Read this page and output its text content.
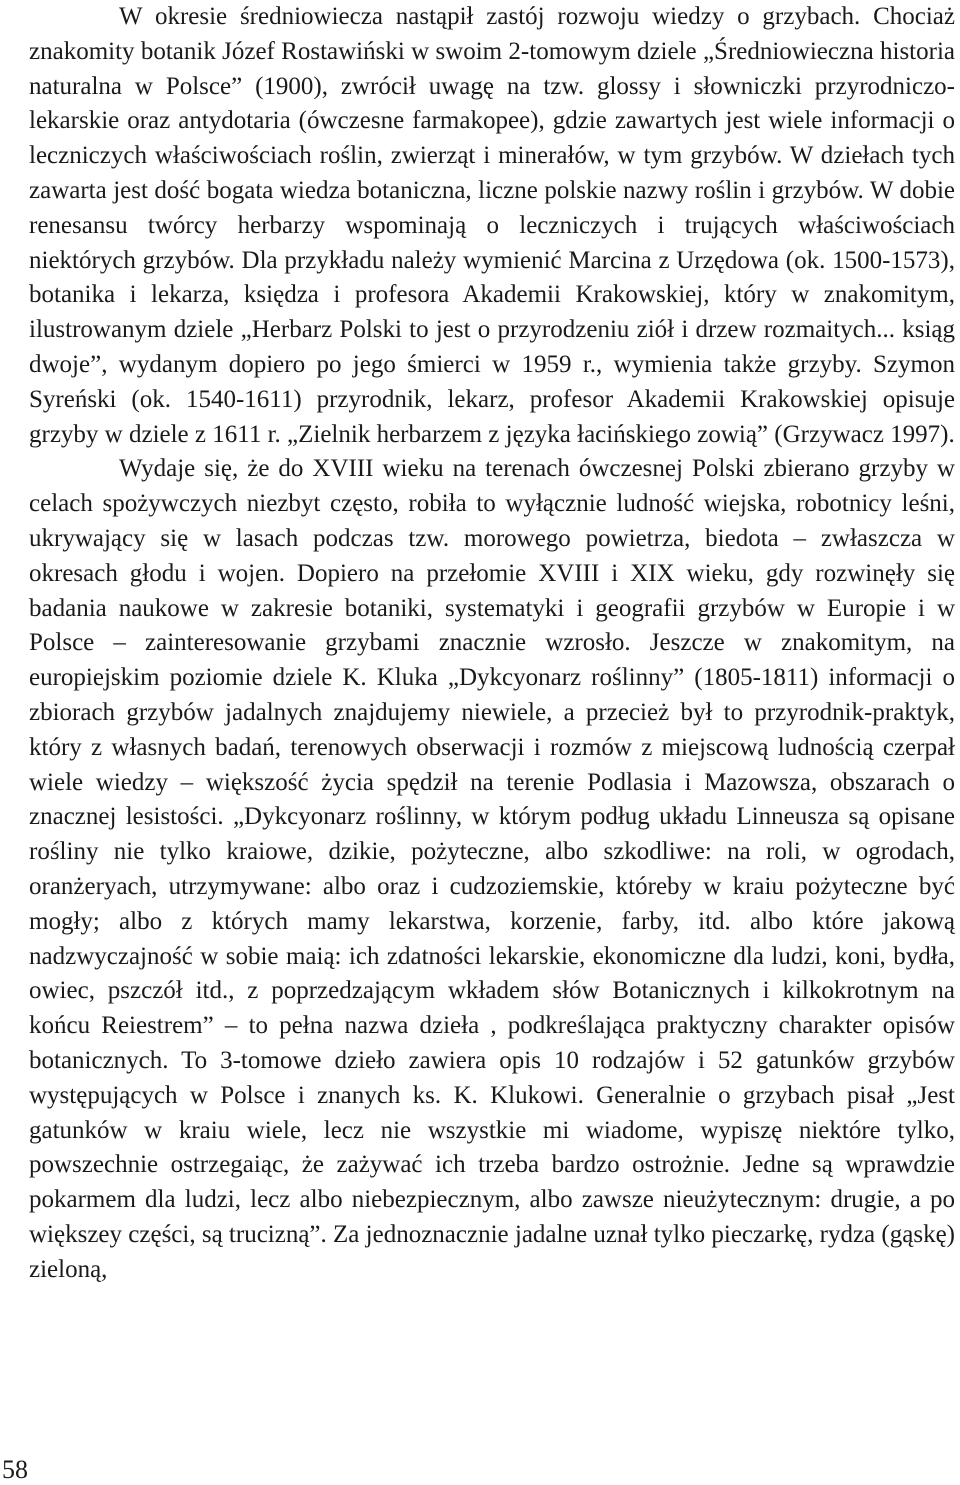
W okresie średniowiecza nastąpił zastój rozwoju wiedzy o grzybach. Chociaż znakomity botanik Józef Rostawiński w swoim 2-tomowym dziele „Średniowieczna historia naturalna w Polsce” (1900), zwrócił uwagę na tzw. glossy i słowniczki przyrodniczo-lekarskie oraz antydotaria (ówczesne farmakopee), gdzie zawartych jest wiele informacji o leczniczych właściwościach roślin, zwierząt i minerałów, w tym grzybów. W dziełach tych zawarta jest dość bogata wiedza botaniczna, liczne polskie nazwy roślin i grzybów. W dobie renesansu twórcy herbarzy wspominają o leczniczych i trujących właściwościach niektórych grzybów. Dla przykładu należy wymienić Marcina z Urzędowa (ok. 1500-1573), botanika i lekarza, księdza i profesora Akademii Krakowskiej, który w znakomitym, ilustrowanym dziele „Herbarz Polski to jest o przyrodzeniu ziół i drzew rozmaitych... ksiąg dwoje”, wydanym dopiero po jego śmierci w 1959 r., wymienia także grzyby. Szymon Syreński (ok. 1540-1611) przyrodnik, lekarz, profesor Akademii Krakowskiej opisuje grzyby w dziele z 1611 r. „Zielnik herbarzem z języka łacińskiego zowią” (Grzywacz 1997).

Wydaje się, że do XVIII wieku na terenach ówczesnej Polski zbierano grzyby w celach spożywczych niezbyt często, robiła to wyłącznie ludność wiejska, robotnicy leśni, ukrywający się w lasach podczas tzw. morowego powietrza, biedota – zwłaszcza w okresach głodu i wojen. Dopiero na przełomie XVIII i XIX wieku, gdy rozwinęły się badania naukowe w zakresie botaniki, systematyki i geografii grzybów w Europie i w Polsce – zainteresowanie grzybami znacznie wzrosło. Jeszcze w znakomitym, na europiejskim poziomie dziele K. Kluka „Dykcyonarz roślinny” (1805-1811) informacji o zbiorach grzybów jadalnych znajdujemy niewiele, a przecież był to przyrodnik-praktyk, który z własnych badań, terenowych obserwacji i rozmów z miejscową ludnością czerpał wiele wiedzy – większość życia spędził na terenie Podlasia i Mazowsza, obszarach o znacznej lesistości. „Dykcyonarz roślinny, w którym podług układu Linneusza są opisane rośliny nie tylko kraiowe, dzikie, pożyteczne, albo szkodliwe: na roli, w ogrodach, oranżeryach, utrzymywane: albo oraz i cudzoziemskie, któreby w kraiu pożyteczne być mogły; albo z których mamy lekarstwa, korzenie, farby, itd. albo które jakową nadzwyczajność w sobie maią: ich zdatności lekarskie, ekonomiczne dla ludzi, koni, bydła, owiec, pszczół itd., z poprzedzającym wkładem słów Botanicznych i kilkokrotnym na końcu Reiestrem” – to pełna nazwa dzieła , podkreślająca praktyczny charakter opisów botanicznych. To 3-tomowe dzieło zawiera opis 10 rodzajów i 52 gatunków grzybów występujących w Polsce i znanych ks. K. Klukowi. Generalnie o grzybach pisał „Jest gatunków w kraiu wiele, lecz nie wszystkie mi wiadome, wypiszę niektóre tylko, powszechnie ostrzegaiąc, że zażywać ich trzeba bardzo ostrożnie. Jedne są wprawdzie pokarmem dla ludzi, lecz albo niebezpiecznym, albo zawsze nieużytecznym: drugie, a po większey części, są trucizną”. Za jednoznacznie jadalne uznał tylko pieczarkę, rydza (gąskę) zieloną,

58
